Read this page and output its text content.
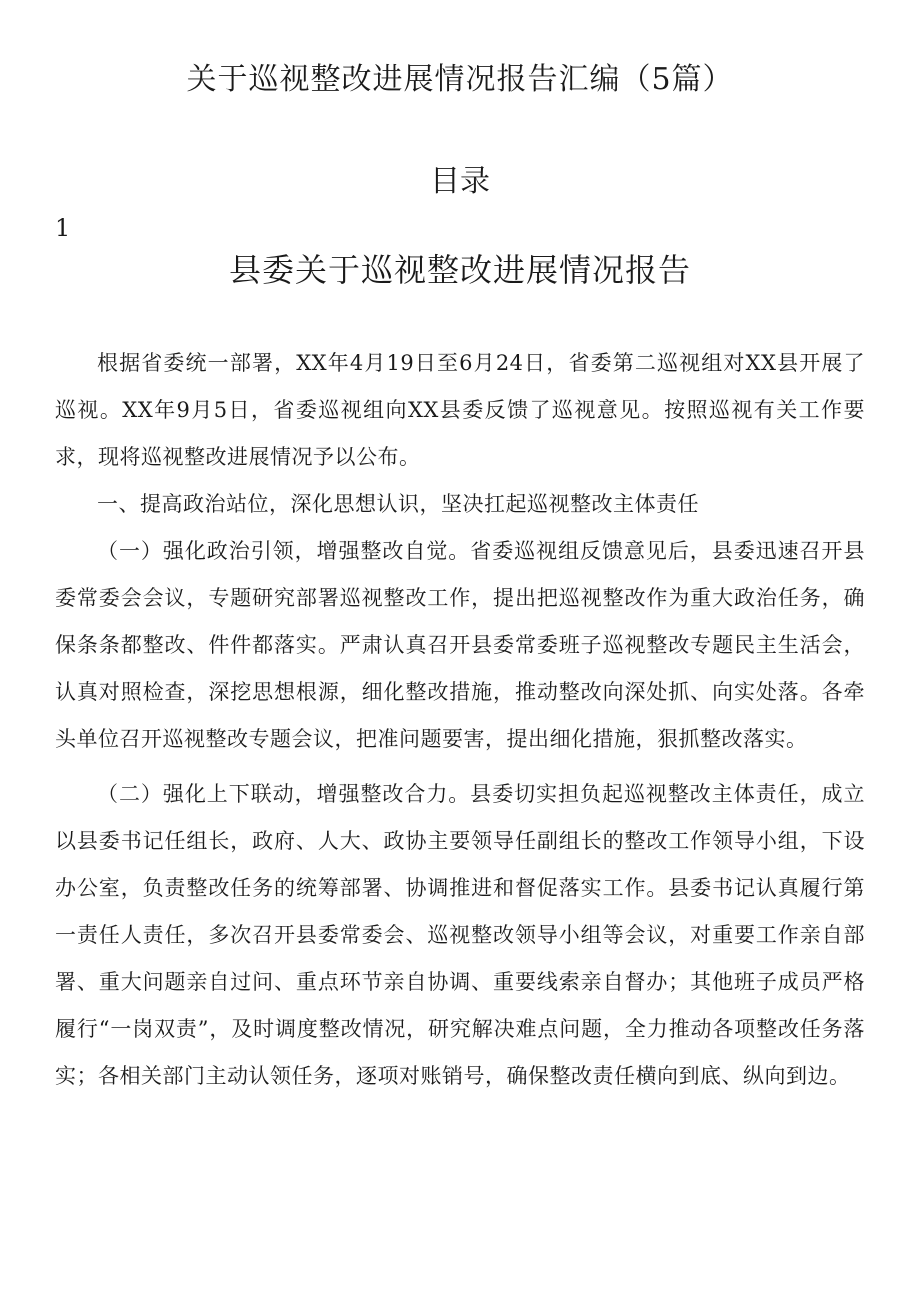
关于巡视整改进展情况报告汇编（5篇）
目录
1
县委关于巡视整改进展情况报告

根据省委统一部署，XX年4月19日至6月24日，省委第二巡视组对XX县开展了巡视。XX年9月5日，省委巡视组向XX县委反馈了巡视意见。按照巡视有关工作要求，现将巡视整改进展情况予以公布。

一、提高政治站位，深化思想认识，坚决扛起巡视整改主体责任

（一）强化政治引领，增强整改自觉。省委巡视组反馈意见后，县委迅速召开县委常委会会议，专题研究部署巡视整改工作，提出把巡视整改作为重大政治任务，确保条条都整改、件件都落实。严肃认真召开县委常委班子巡视整改专题民主生活会，认真对照检查，深挖思想根源，细化整改措施，推动整改向深处抓、向实处落。各牵头单位召开巡视整改专题会议，把准问题要害，提出细化措施，狠抓整改落实。

（二）强化上下联动，增强整改合力。县委切实担负起巡视整改主体责任，成立以县委书记任组长，政府、人大、政协主要领导任副组长的整改工作领导小组，下设办公室，负责整改任务的统筹部署、协调推进和督促落实工作。县委书记认真履行第一责任人责任，多次召开县委常委会、巡视整改领导小组等会议，对重要工作亲自部署、重大问题亲自过问、重点环节亲自协调、重要线索亲自督办；其他班子成员严格履行“一岗双责”，及时调度整改情况，研究解决难点问题，全力推动各项整改任务落实；各相关部门主动认领任务，逐项对账销号，确保整改责任横向到底、纵向到边。
